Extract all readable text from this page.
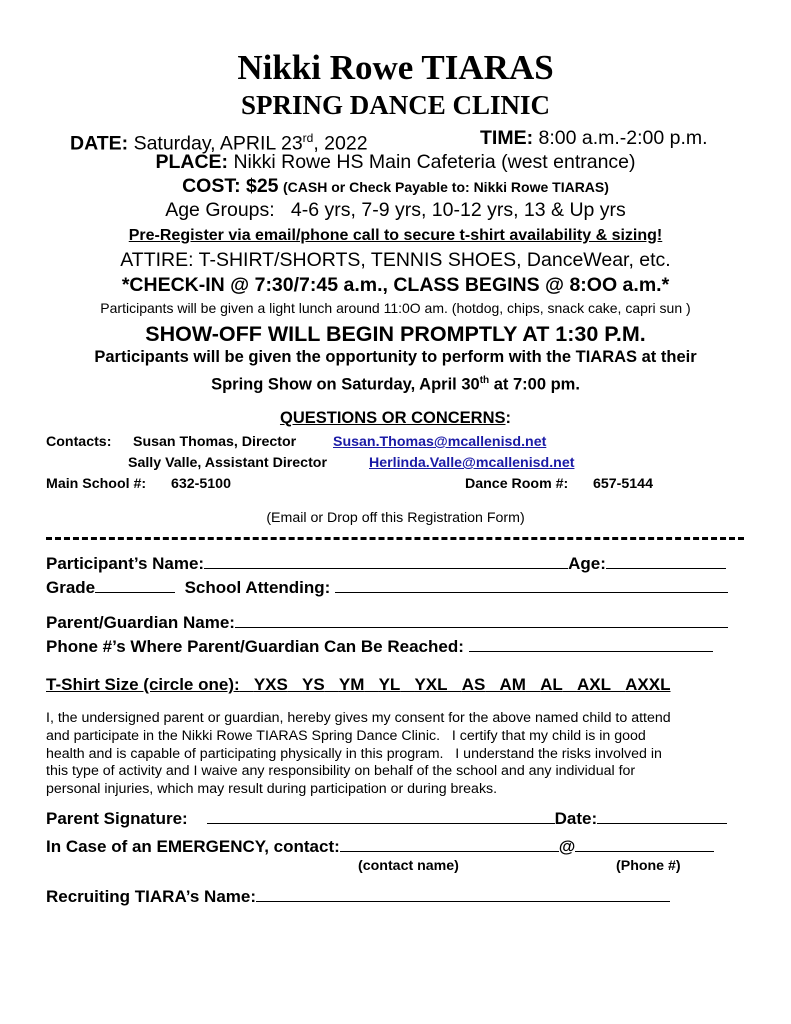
Nikki Rowe TIARAS
SPRING DANCE CLINIC
DATE: Saturday, APRIL 23rd, 2022	TIME: 8:00 a.m.-2:00 p.m.
PLACE: Nikki Rowe HS Main Cafeteria (west entrance)
COST: $25 (CASH or Check Payable to: Nikki Rowe TIARAS)
Age Groups:   4-6 yrs, 7-9 yrs, 10-12 yrs, 13 & Up yrs
Pre-Register via email/phone call to secure t-shirt availability & sizing!
ATTIRE: T-SHIRT/SHORTS, TENNIS SHOES, DanceWear, etc.
*CHECK-IN @ 7:30/7:45 a.m., CLASS BEGINS @ 8:OO a.m.*
Participants will be given a light lunch around 11:0O am. (hotdog, chips, snack cake, capri sun )
SHOW-OFF WILL BEGIN PROMPTLY AT 1:30 P.M.
Participants will be given the opportunity to perform with the TIARAS at their
Spring Show on Saturday, April 30th at 7:00 pm.
QUESTIONS OR CONCERNS:
Contacts: Susan Thomas, Director	Susan.Thomas@mcallenisd.net
Sally Valle, Assistant Director	Herlinda.Valle@mcallenisd.net
Main School #: 632-5100	Dance Room #: 657-5144
(Email or Drop off this Registration Form)
Participant’s Name:	Age:
Grade	School Attending:
Parent/Guardian Name:
Phone #’s Where Parent/Guardian Can Be Reached:
T-Shirt Size (circle one): YXS YS YM YL YXL AS AM AL AXL AXXL
I, the undersigned parent or guardian, hereby gives my consent for the above named child to attend
and participate in the Nikki Rowe TIARAS Spring Dance Clinic.   I certify that my child is in good
health and is capable of participating physically in this program.   I understand the risks involved in
this type of activity and I waive any responsibility on behalf of the school and any individual for
personal injuries, which may result during participation or during breaks.
Parent Signature:	Date:
In Case of an EMERGENCY, contact:	@
(contact name)	(Phone #)
Recruiting TIARA’s Name:
